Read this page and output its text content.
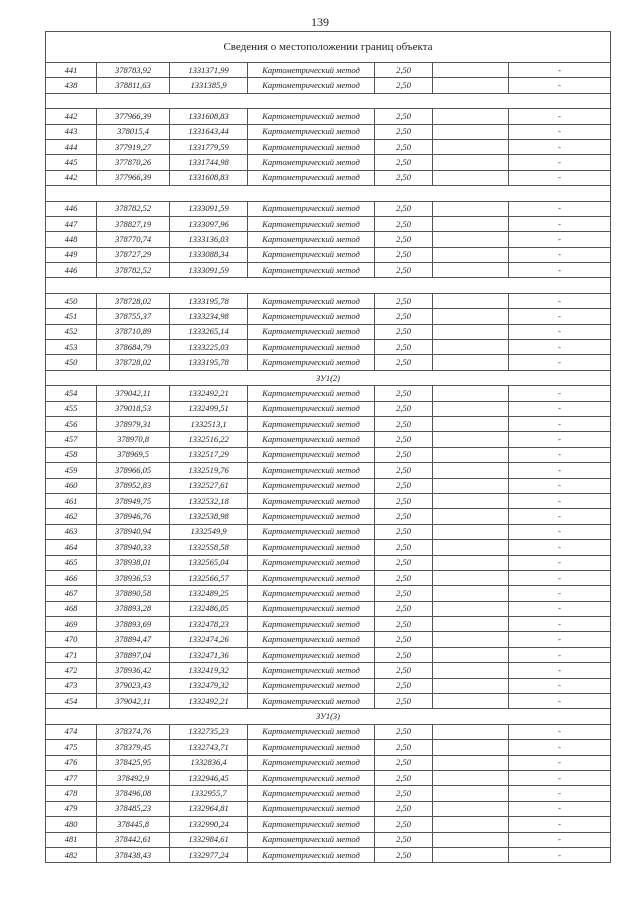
139
Сведения о местоположении границ объекта						
441	378783,92	1331371,99	Картометрический метод	2,50		-
438	378811,63	1331385,9	Картометрический метод	2,50		-

442	377966,39	1331608,83	Картометрический метод	2,50		-
443	378015,4	1331643,44	Картометрический метод	2,50		-
444	377919,27	1331779,59	Картометрический метод	2,50		-
445	377870,26	1331744,98	Картометрический метод	2,50		-
442	377966,39	1331608,83	Картометрический метод	2,50		-

446	378782,52	1333091,59	Картометрический метод	2,50		-
447	378827,19	1333097,96	Картометрический метод	2,50		-
448	378770,74	1333136,03	Картометрический метод	2,50		-
449	378727,29	1333088,34	Картометрический метод	2,50		-
446	378782,52	1333091,59	Картометрический метод	2,50		-

450	378728,02	1333195,78	Картометрический метод	2,50		-
451	378755,37	1333234,98	Картометрический метод	2,50		-
452	378710,89	1333265,14	Картометрический метод	2,50		-
453	378684,79	1333225,03	Картометрический метод	2,50		-
450	378728,02	1333195,78	Картометрический метод	2,50		-
ЗУ1(2)						
454	379042,11	1332492,21	Картометрический метод	2,50		-
455	379018,53	1332499,51	Картометрический метод	2,50		-
456	378979,31	1332513,1	Картометрический метод	2,50		-
457	378970,8	1332516,22	Картометрический метод	2,50		-
458	378969,5	1332517,29	Картометрический метод	2,50		-
459	378966,05	1332519,76	Картометрический метод	2,50		-
460	378952,83	1332527,61	Картометрический метод	2,50		-
461	378949,75	1332532,18	Картометрический метод	2,50		-
462	378946,76	1332538,98	Картометрический метод	2,50		-
463	378940,94	1332549,9	Картометрический метод	2,50		-
464	378940,33	1332558,58	Картометрический метод	2,50		-
465	378938,01	1332565,04	Картометрический метод	2,50		-
466	378936,53	1332566,57	Картометрический метод	2,50		-
467	378890,58	1332489,25	Картометрический метод	2,50		-
468	378893,28	1332486,05	Картометрический метод	2,50		-
469	378893,69	1332478,23	Картометрический метод	2,50		-
470	378894,47	1332474,26	Картометрический метод	2,50		-
471	378897,04	1332471,36	Картометрический метод	2,50		-
472	378936,42	1332419,32	Картометрический метод	2,50		-
473	379023,43	1332479,32	Картометрический метод	2,50		-
454	379042,11	1332492,21	Картометрический метод	2,50		-
ЗУ1(3)						
474	378374,76	1332735,23	Картометрический метод	2,50		-
475	378379,45	1332743,71	Картометрический метод	2,50		-
476	378425,95	1332836,4	Картометрический метод	2,50		-
477	378492,9	1332946,45	Картометрический метод	2,50		-
478	378496,08	1332955,7	Картометрический метод	2,50		-
479	378485,23	1332964,81	Картометрический метод	2,50		-
480	378445,8	1332990,24	Картометрический метод	2,50		-
481	378442,61	1332984,61	Картометрический метод	2,50		-
482	378438,43	1332977,24	Картометрический метод	2,50		-
